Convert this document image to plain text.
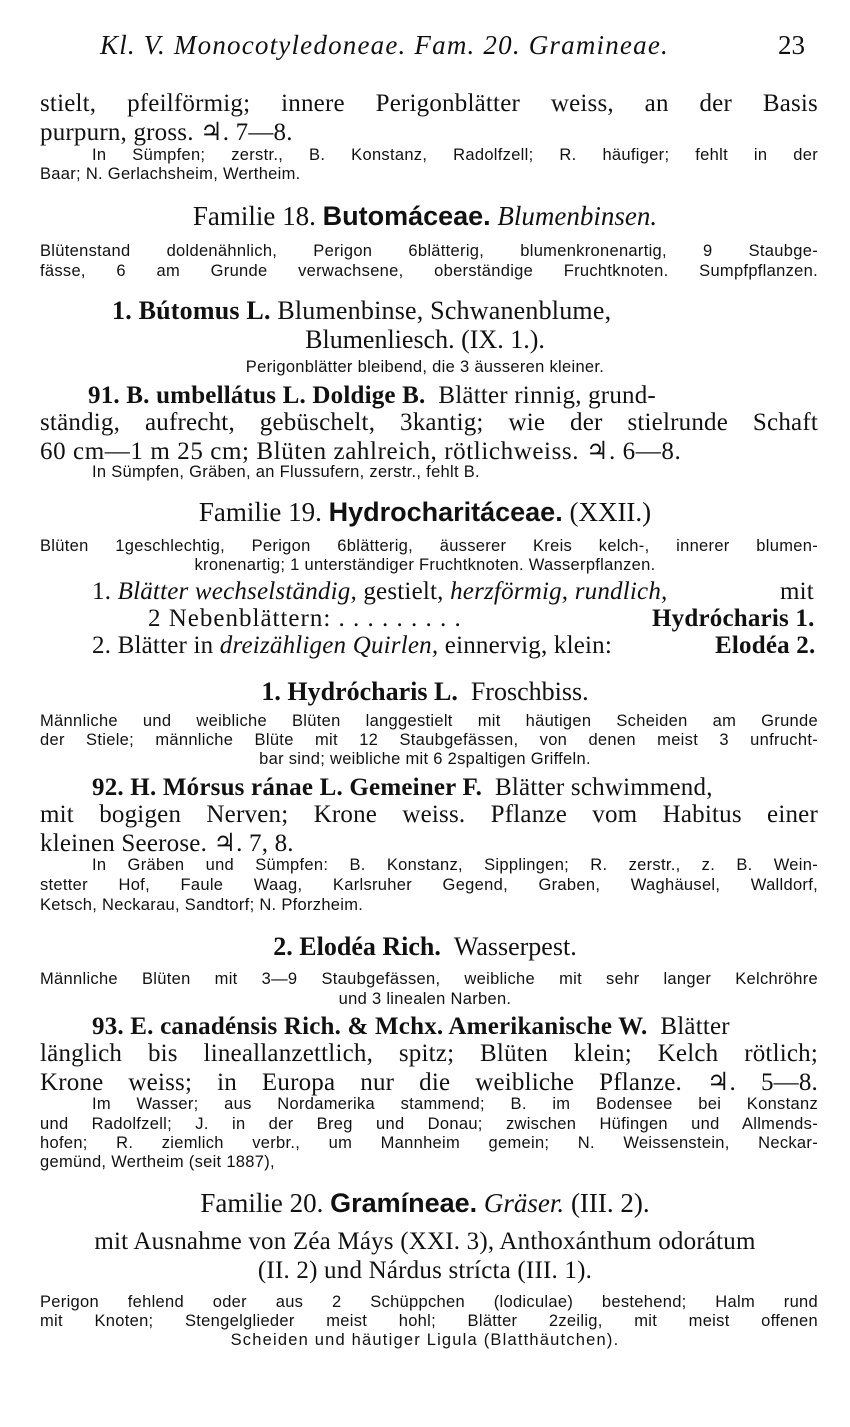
Kl. V. Monocotyledoneae. Fam. 20. Gramineae.	23
stielt, pfeilförmig; innere Perigonblätter weiss, an der Basis
purpurn, gross. ♃. 7—8.
In Sümpfen; zerstr., B. Konstanz, Radolfzell; R. häufiger; fehlt in der
Baar; N. Gerlachsheim, Wertheim.
Familie 18. Butomáceae. Blumenbinsen.
Blütenstand doldenähnlich, Perigon 6blätterig, blumenkronenartig, 9 Staubge-
fässe, 6 am Grunde verwachsene, oberständige Fruchtknoten. Sumpfpflanzen.
1. Bútomus L. Blumenbinse, Schwanenblume,
Blumenliesch. (IX. 1.).
Perigonblätter bleibend, die 3 äusseren kleiner.
91. B. umbellátus L. Doldige B. Blätter rinnig, grund-
ständig, aufrecht, gebüschelt, 3kantig; wie der stielrunde Schaft
60 cm—1 m 25 cm; Blüten zahlreich, rötlichweiss. ♃. 6—8.
In Sümpfen, Gräben, an Flussufern, zerstr., fehlt B.
Familie 19. Hydrocharitáceae. (XXII.)
Blüten 1geschlechtig, Perigon 6blätterig, äusserer Kreis kelch-, innerer blumen-
kronenartig; 1 unterständiger Fruchtknoten. Wasserpflanzen.
1. Blätter wechselständig, gestielt, herzförmig, rundlich,	mit
2 Nebenblättern: . . . . . . . . .	Hydrócharis 1.
2. Blätter in dreizähligen Quirlen, einnervig, klein:	Elodéa 2.
1. Hydrócharis L. Froschbiss.
Männliche und weibliche Blüten langgestielt mit häutigen Scheiden am Grunde
der Stiele; männliche Blüte mit 12 Staubgefässen, von denen meist 3 unfrucht-
bar sind; weibliche mit 6 2spaltigen Griffeln.
92. H. Mórsus ránae L. Gemeiner F. Blätter schwimmend,
mit bogigen Nerven; Krone weiss. Pflanze vom Habitus einer
kleinen Seerose. ♃. 7, 8.
In Gräben und Sümpfen: B. Konstanz, Sipplingen; R. zerstr., z. B. Wein-
stetter Hof, Faule Waag, Karlsruher Gegend, Graben, Waghäusel, Walldorf,
Ketsch, Neckarau, Sandtorf; N. Pforzheim.
2. Elodéa Rich. Wasserpest.
Männliche Blüten mit 3—9 Staubgefässen, weibliche mit sehr langer Kelchröhre
und 3 linealen Narben.
93. E. canadénsis Rich. & Mchx. Amerikanische W. Blätter
länglich bis lineallanzettlich, spitz; Blüten klein; Kelch rötlich;
Krone weiss; in Europa nur die weibliche Pflanze. ♃. 5—8.
Im Wasser; aus Nordamerika stammend; B. im Bodensee bei Konstanz
und Radolfzell; J. in der Breg und Donau; zwischen Hüfingen und Allmends-
hofen; R. ziemlich verbr., um Mannheim gemein; N. Weissenstein, Neckar-
gemünd, Wertheim (seit 1887),
Familie 20. Gramíneae. Gräser. (III. 2).
mit Ausnahme von Zéa Máys (XXI. 3), Anthoxánthum odorátum
(II. 2) und Nárdus strícta (III. 1).
Perigon fehlend oder aus 2 Schüppchen (lodiculae) bestehend; Halm rund
mit Knoten; Stengelglieder meist hohl; Blätter 2zeilig, mit meist offenen
Scheiden und häutiger Ligula (Blatthäutchen).
